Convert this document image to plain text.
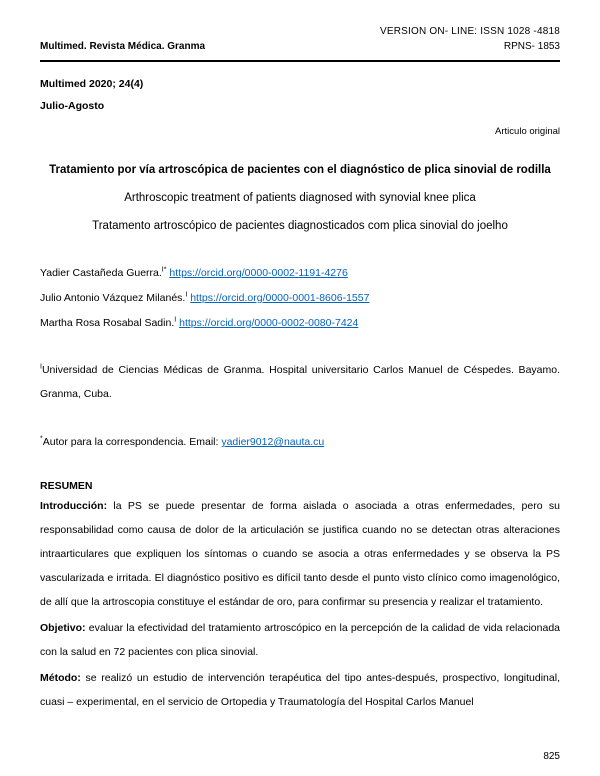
VERSION ON- LINE: ISSN 1028 -4818
Multimed. Revista Médica. Granma	RPNS- 1853
Multimed 2020; 24(4)
Julio-Agosto
Articulo original
Tratamiento por vía artroscópica de pacientes con el diagnóstico de plica sinovial de rodilla
Arthroscopic treatment of patients diagnosed with synovial knee plica
Tratamento artroscópico de pacientes diagnosticados com plica sinovial do joelho
Yadier Castañeda Guerra.$^{I*}$ https://orcid.org/0000-0002-1191-4276
Julio Antonio Vázquez Milanés.$^I$ https://orcid.org/0000-0001-8606-1557
Martha Rosa Rosabal Sadin.$^I$ https://orcid.org/0000-0002-0080-7424
$^I$Universidad de Ciencias Médicas de Granma. Hospital universitario Carlos Manuel de Céspedes. Bayamo. Granma, Cuba.
*Autor para la correspondencia. Email: yadier9012@nauta.cu
RESUMEN
Introducción: la PS se puede presentar de forma aislada o asociada a otras enfermedades, pero su responsabilidad como causa de dolor de la articulación se justifica cuando no se detectan otras alteraciones intraarticulares que expliquen los síntomas o cuando se asocia a otras enfermedades y se observa la PS vascularizada e irritada. El diagnóstico positivo es difícil tanto desde el punto visto clínico como imagenológico, de allí que la artroscopia constituye el estándar de oro, para confirmar su presencia y realizar el tratamiento.
Objetivo: evaluar la efectividad del tratamiento artroscópico en la percepción de la calidad de vida relacionada con la salud en 72 pacientes con plica sinovial.
Método: se realizó un estudio de intervención terapéutica del tipo antes-después, prospectivo, longitudinal, cuasi – experimental, en el servicio de Ortopedia y Traumatología del Hospital Carlos Manuel
825
